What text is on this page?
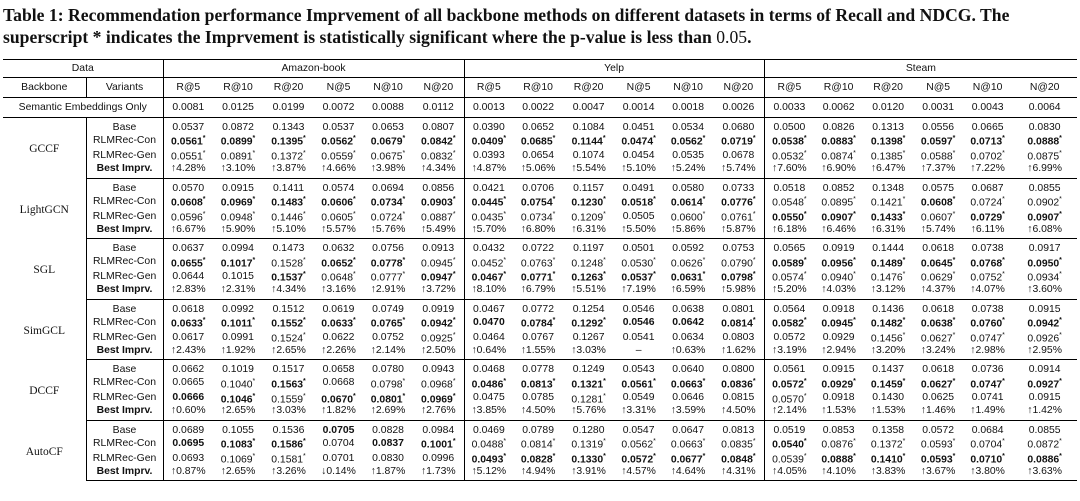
Table 1: Recommendation performance Imprvement of all backbone methods on different datasets in terms of Recall and NDCG. The superscript * indicates the Imprvement is statistically significant where the p-value is less than 0.05.
Data		Amazon-book						Yelp						Steam					
Backbone	Variants	R@5	R@10	R@20	N@5	N@10	N@20	R@5	R@10	R@20	N@5	N@10	N@20	R@5	R@10	R@20	N@5	N@10	N@20
Semantic Embeddings Only		0.0081	0.0125	0.0199	0.0072	0.0088	0.0112	0.0013	0.0022	0.0047	0.0014	0.0018	0.0026	0.0033	0.0062	0.0120	0.0031	0.0043	0.0064
GCCF	Base	0.0537	0.0872	0.1343	0.0537	0.0653	0.0807	0.0390	0.0652	0.1084	0.0451	0.0534	0.0680	0.0500	0.0826	0.1313	0.0556	0.0665	0.0830
	RLMRec-Con	0.0561*	0.0899*	0.1395*	0.0562*	0.0679*	0.0842*	0.0409*	0.0685*	0.1144*	0.0474*	0.0562*	0.0719*	0.0538*	0.0883*	0.1398*	0.0597*	0.0713*	0.0888*
	RLMRec-Gen	0.0551*	0.0891*	0.1372*	0.0559*	0.0675*	0.0832*	0.0393	0.0654	0.1074	0.0454	0.0535	0.0678	0.0532*	0.0874*	0.1385*	0.0588*	0.0702*	0.0875*
	Best Imprv.	↑4.28%	↑3.10%	↑3.87%	↑4.66%	↑3.98%	↑4.34%	↑4.87%	↑5.06%	↑5.54%	↑5.10%	↑5.24%	↑5.74%	↑7.60%	↑6.90%	↑6.47%	↑7.37%	↑7.22%	↑6.99%
LightGCN	Base	0.0570	0.0915	0.1411	0.0574	0.0694	0.0856	0.0421	0.0706	0.1157	0.0491	0.0580	0.0733	0.0518	0.0852	0.1348	0.0575	0.0687	0.0855
	RLMRec-Con	0.0608*	0.0969*	0.1483*	0.0606*	0.0734*	0.0903*	0.0445*	0.0754*	0.1230*	0.0518*	0.0614*	0.0776*	0.0548*	0.0895*	0.1421*	0.0608*	0.0724*	0.0902*
	RLMRec-Gen	0.0596*	0.0948*	0.1446*	0.0605*	0.0724*	0.0887*	0.0435*	0.0734*	0.1209*	0.0505	0.0600*	0.0761*	0.0550*	0.0907*	0.1433*	0.0607*	0.0729*	0.0907*
	Best Imprv.	↑6.67%	↑5.90%	↑5.10%	↑5.57%	↑5.76%	↑5.49%	↑5.70%	↑6.80%	↑6.31%	↑5.50%	↑5.86%	↑5.87%	↑6.18%	↑6.46%	↑6.31%	↑5.74%	↑6.11%	↑6.08%
SGL	Base	0.0637	0.0994	0.1473	0.0632	0.0756	0.0913	0.0432	0.0722	0.1197	0.0501	0.0592	0.0753	0.0565	0.0919	0.1444	0.0618	0.0738	0.0917
	RLMRec-Con	0.0655*	0.1017*	0.1528*	0.0652*	0.0778*	0.0945*	0.0452*	0.0763*	0.1248*	0.0530*	0.0626*	0.0790*	0.0589*	0.0956*	0.1489*	0.0645*	0.0768*	0.0950*
	RLMRec-Gen	0.0644	0.1015	0.1537*	0.0648*	0.0777*	0.0947*	0.0467*	0.0771*	0.1263*	0.0537*	0.0631*	0.0798*	0.0574*	0.0940*	0.1476*	0.0629*	0.0752*	0.0934*
	Best Imprv.	↑2.83%	↑2.31%	↑4.34%	↑3.16%	↑2.91%	↑3.72%	↑8.10%	↑6.79%	↑5.51%	↑7.19%	↑6.59%	↑5.98%	↑5.20%	↑4.03%	↑3.12%	↑4.37%	↑4.07%	↑3.60%
SimGCL	Base	0.0618	0.0992	0.1512	0.0619	0.0749	0.0919	0.0467	0.0772	0.1254	0.0546	0.0638	0.0801	0.0564	0.0918	0.1436	0.0618	0.0738	0.0915
	RLMRec-Con	0.0633*	0.1011*	0.1552*	0.0633*	0.0765*	0.0942*	0.0470	0.0784*	0.1292*	0.0546	0.0642	0.0814*	0.0582*	0.0945*	0.1482*	0.0638*	0.0760*	0.0942*
	RLMRec-Gen	0.0617	0.0991	0.1524*	0.0622	0.0752	0.0925*	0.0464	0.0767	0.1267	0.0541	0.0634	0.0803	0.0572	0.0929	0.1456*	0.0627*	0.0747*	0.0926*
	Best Imprv.	↑2.43%	↑1.92%	↑2.65%	↑2.26%	↑2.14%	↑2.50%	↑0.64%	↑1.55%	↑3.03%	–	↑0.63%	↑1.62%	↑3.19%	↑2.94%	↑3.20%	↑3.24%	↑2.98%	↑2.95%
DCCF	Base	0.0662	0.1019	0.1517	0.0658	0.0780	0.0943	0.0468	0.0778	0.1249	0.0543	0.0640	0.0800	0.0561	0.0915	0.1437	0.0618	0.0736	0.0914
	RLMRec-Con	0.0665	0.1040*	0.1563*	0.0668	0.0798*	0.0968*	0.0486*	0.0813*	0.1321*	0.0561*	0.0663*	0.0836*	0.0572*	0.0929*	0.1459*	0.0627*	0.0747*	0.0927*
	RLMRec-Gen	0.0666	0.1046*	0.1559*	0.0670*	0.0801*	0.0969*	0.0475	0.0785	0.1281*	0.0549	0.0646	0.0815	0.0570*	0.0918	0.1430	0.0625	0.0741	0.0915
	Best Imprv.	↑0.60%	↑2.65%	↑3.03%	↑1.82%	↑2.69%	↑2.76%	↑3.85%	↑4.50%	↑5.76%	↑3.31%	↑3.59%	↑4.50%	↑2.14%	↑1.53%	↑1.53%	↑1.46%	↑1.49%	↑1.42%
AutoCF	Base	0.0689	0.1055	0.1536	0.0705	0.0828	0.0984	0.0469	0.0789	0.1280	0.0547	0.0647	0.0813	0.0519	0.0853	0.1358	0.0572	0.0684	0.0855
	RLMRec-Con	0.0695	0.1083*	0.1586*	0.0704	0.0837	0.1001*	0.0488*	0.0814*	0.1319*	0.0562*	0.0663*	0.0835*	0.0540*	0.0876*	0.1372*	0.0593*	0.0704*	0.0872*
	RLMRec-Gen	0.0693	0.1069*	0.1581*	0.0701	0.0830	0.0996	0.0493*	0.0828*	0.1330*	0.0572*	0.0677*	0.0848*	0.0539*	0.0888*	0.1410*	0.0593*	0.0710*	0.0886*
	Best Imprv.	↑0.87%	↑2.65%	↑3.26%	↓0.14%	↑1.87%	↑1.73%	↑5.12%	↑4.94%	↑3.91%	↑4.57%	↑4.64%	↑4.31%	↑4.05%	↑4.10%	↑3.83%	↑3.67%	↑3.80%	↑3.63%
